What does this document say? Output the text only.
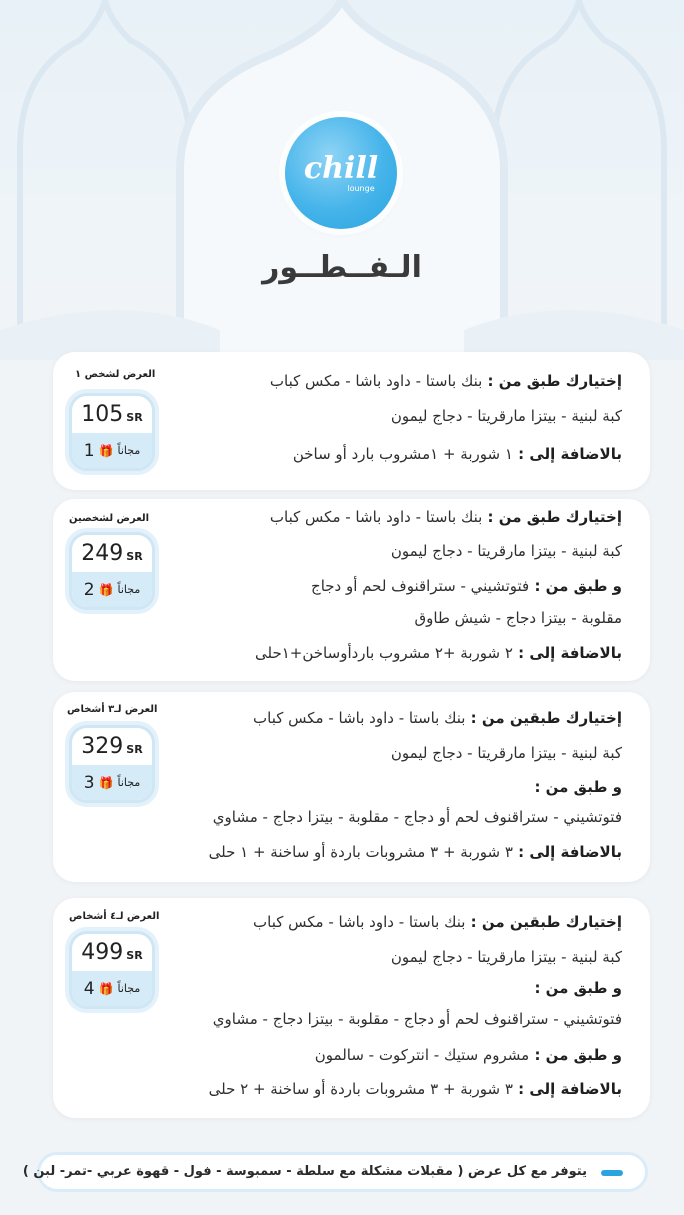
chill
lounge
الـفــطــور
العرض لشخص ١
105 SR
1 🎁 مجاناً
إختيارك طبق من : بنك باستا - داود باشا - مكس كباب
كبة لبنية - بيتزا مارقريتا - دجاج ليمون
بالاضافة إلى : ١ شوربة + ١مشروب بارد أو ساخن
العرض لشخصين
249 SR
2 🎁 مجاناً
إختيارك طبق من : بنك باستا - داود باشا - مكس كباب
كبة لبنية - بيتزا مارقريتا - دجاج ليمون
و طبق من : فتوتشيني - ستراقنوف لحم أو دجاج
مقلوبة - بيتزا دجاج - شيش طاوق
بالاضافة إلى : ٢ شوربة +٢ مشروب باردأوساخن+١حلى
العرض لـ٣ أشخاص
329 SR
3 🎁 مجاناً
إختيارك طبقين من : بنك باستا - داود باشا - مكس كباب
كبة لبنية - بيتزا مارقريتا - دجاج ليمون
و طبق من :
فتوتشيني - ستراقنوف لحم أو دجاج - مقلوبة - بيتزا دجاج - مشاوي
بالاضافة إلى : ٣ شوربة + ٣ مشروبات باردة أو ساخنة + ١ حلى
العرض لـ٤ أشخاص
499 SR
4 🎁 مجاناً
إختيارك طبقين من : بنك باستا - داود باشا - مكس كباب
كبة لبنية - بيتزا مارقريتا - دجاج ليمون
و طبق من :
فتوتشيني - ستراقنوف لحم أو دجاج - مقلوبة - بيتزا دجاج - مشاوي
و طبق من : مشروم ستيك - انتركوت - سالمون
بالاضافة إلى : ٣ شوربة + ٣ مشروبات باردة أو ساخنة + ٢ حلى
يتوفر مع كل عرض ( مقبلات مشكلة مع سلطة - سمبوسة - فول - قهوة عربي -تمر- لبن )
